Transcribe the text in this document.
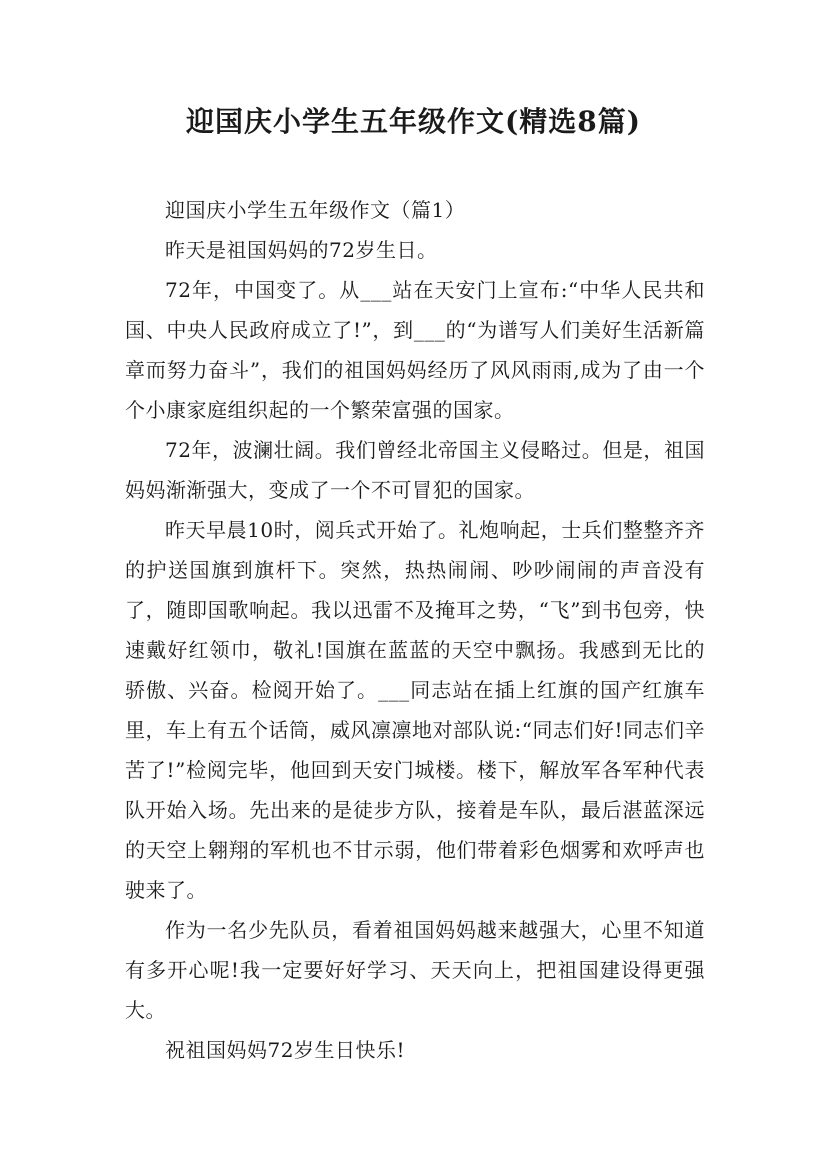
迎国庆小学生五年级作文(精选8篇)

迎国庆小学生五年级作文（篇1）

昨天是祖国妈妈的72岁生日。

72年，中国变了。从___站在天安门上宣布:“中华人民共和国、中央人民政府成立了!”，到___的“为谱写人们美好生活新篇章而努力奋斗”，我们的祖国妈妈经历了风风雨雨,成为了由一个个小康家庭组织起的一个繁荣富强的国家。

72年，波澜壮阔。我们曾经北帝国主义侵略过。但是，祖国妈妈渐渐强大，变成了一个不可冒犯的国家。

昨天早晨10时，阅兵式开始了。礼炮响起，士兵们整整齐齐的护送国旗到旗杆下。突然，热热闹闹、吵吵闹闹的声音没有了，随即国歌响起。我以迅雷不及掩耳之势，“飞”到书包旁，快速戴好红领巾，敬礼!国旗在蓝蓝的天空中飘扬。我感到无比的骄傲、兴奋。检阅开始了。___同志站在插上红旗的国产红旗车里，车上有五个话筒，威风凛凛地对部队说:“同志们好!同志们辛苦了!”检阅完毕，他回到天安门城楼。楼下，解放军各军种代表队开始入场。先出来的是徒步方队，接着是车队，最后湛蓝深远的天空上翱翔的军机也不甘示弱，他们带着彩色烟雾和欢呼声也驶来了。

作为一名少先队员，看着祖国妈妈越来越强大，心里不知道有多开心呢!我一定要好好学习、天天向上，把祖国建设得更强大。

祝祖国妈妈72岁生日快乐!
